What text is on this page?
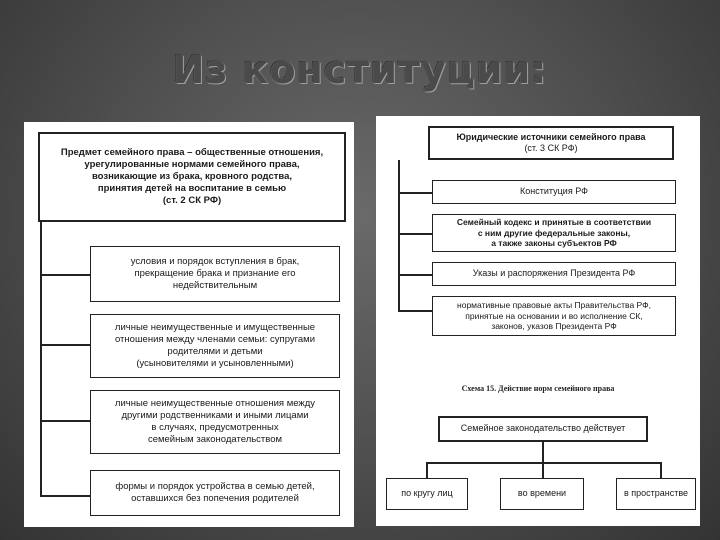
Из конституции:
Предмет семейного права – общественные отношения,
урегулированные нормами семейного права,
возникающие из брака, кровного родства,
принятия детей на воспитание в семью
(ст. 2 СК РФ)
условия и порядок вступления в брак,
прекращение брака и признание его
недействительным
личные неимущественные и имущественные
отношения между членами семьи: супругами
родителями и детьми
(усыновителями и усыновленными)
личные неимущественные отношения между
другими родственниками и иными лицами
в случаях, предусмотренных
семейным законодательством
формы и порядок устройства в семью детей,
оставшихся без попечения родителей
Юридические источники семейного права
(ст. 3 СК РФ)
Конституция РФ
Семейный кодекс и принятые в соответствии
с ним другие федеральные законы,
а также законы субъектов РФ
Указы и распоряжения Президента РФ
нормативные правовые акты Правительства РФ,
принятые на основании и во исполнение СК,
законов, указов Президента РФ
Схема 15. Действие норм семейного права
Семейное законодательство действует
по кругу лиц	во времени	в пространстве
